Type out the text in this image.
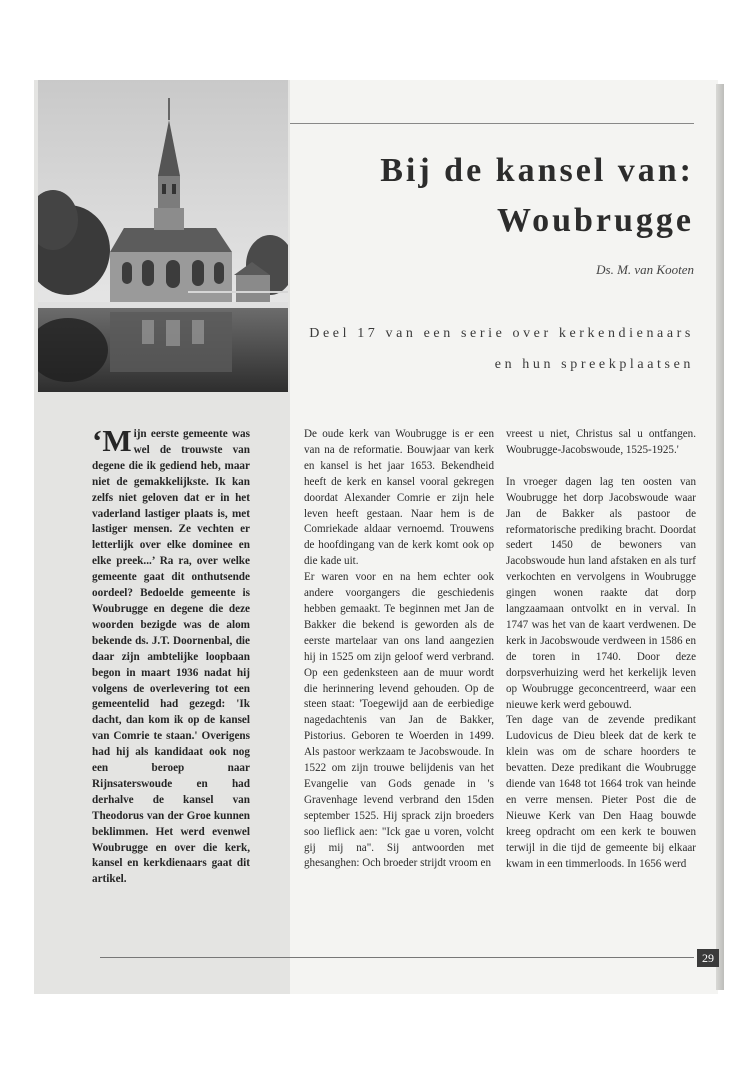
Bij de kansel van:
Woubrugge
Ds. M. van Kooten
Deel 17 van een serie over kerkendienaars
en hun spreekplaatsen
‘Mijn eerste gemeente was wel de trouwste van degene die ik gediend heb, maar niet de gemakkelijkste. Ik kan zelfs niet geloven dat er in het vaderland lastiger plaats is, met lastiger mensen. Ze vechten er letterlijk over elke dominee en elke preek...’ Ra ra, over welke gemeente gaat dit onthutsende oordeel? Bedoelde gemeente is Woubrugge en degene die deze woorden bezigde was de alom bekende ds. J.T. Doornenbal, die daar zijn ambtelijke loopbaan begon in maart 1936 nadat hij volgens de overlevering tot een gemeentelid had gezegd: 'Ik dacht, dan kom ik op de kansel van Comrie te staan.' Overigens had hij als kandidaat ook nog een beroep naar Rijnsaterswoude en had derhalve de kansel van Theodorus van der Groe kunnen beklimmen. Het werd evenwel Woubrugge en over die kerk, kansel en kerkdienaars gaat dit artikel.

De oude kerk van Woubrugge is er een van na de reformatie. Bouwjaar van kerk en kansel is het jaar 1653. Bekendheid heeft de kerk en kansel vooral gekregen doordat Alexander Comrie er zijn hele leven heeft gestaan. Naar hem is de Comriekade aldaar vernoemd. Trouwens de hoofdingang van de kerk komt ook op die kade uit.

Er waren voor en na hem echter ook andere voorgangers die geschiedenis hebben gemaakt. Te beginnen met Jan de Bakker die bekend is geworden als de eerste martelaar van ons land aangezien hij in 1525 om zijn geloof werd verbrand. Op een gedenksteen aan de muur wordt die herinnering levend gehouden. Op de steen staat: 'Toegewijd aan de eerbiedige nagedachtenis van Jan de Bakker, Pistorius. Geboren te Woerden in 1499. Als pastoor werkzaam te Jacobswoude. In 1522 om zijn trouwe belijdenis van het Evangelie van Gods genade in 's Gravenhage levend verbrand den 15den september 1525. Hij sprack zijn broeders soo lieflick aen: "Ick gae u voren, volcht gij mij na". Sij antwoorden met ghesanghen: Och broeder strijdt vroom en

vreest u niet, Christus sal u ontfangen. Woubrugge-Jacobswoude, 1525-1925.'

In vroeger dagen lag ten oosten van Woubrugge het dorp Jacobswoude waar Jan de Bakker als pastoor de reformatorische prediking bracht. Doordat sedert 1450 de bewoners van Jacobswoude hun land afstaken en als turf verkochten en vervolgens in Woubrugge gingen wonen raakte dat dorp langzaamaan ontvolkt en in verval. In 1747 was het van de kaart verdwenen. De kerk in Jacobswoude verdween in 1586 en de toren in 1740. Door deze dorpsverhuizing werd het kerkelijk leven op Woubrugge geconcentreerd, waar een nieuwe kerk werd gebouwd.

Ten dage van de zevende predikant Ludovicus de Dieu bleek dat de kerk te klein was om de schare hoorders te bevatten. Deze predikant die Woubrugge diende van 1648 tot 1664 trok van heinde en verre mensen. Pieter Post die de Nieuwe Kerk van Den Haag bouwde kreeg opdracht om een kerk te bouwen terwijl in die tijd de gemeente bij elkaar kwam in een timmerloods. In 1656 werd

29
